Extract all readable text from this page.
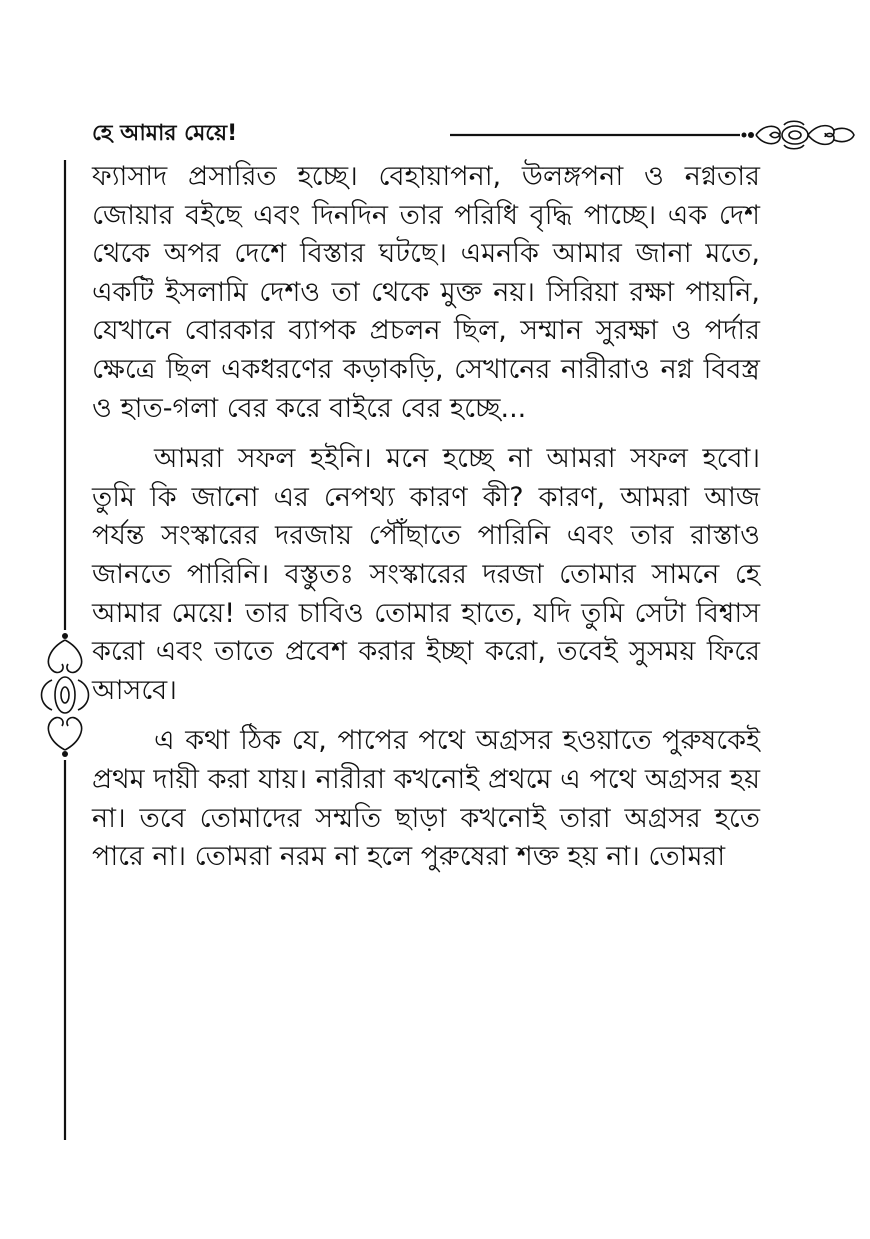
হে আমার মেয়ে!

ফ্যাসাদ প্রসারিত হচ্ছে। বেহায়াপনা, উলঙ্গপনা ও নগ্নতার জোয়ার বইছে এবং দিনদিন তার পরিধি বৃদ্ধি পাচ্ছে। এক দেশ থেকে অপর দেশে বিস্তার ঘটছে। এমনকি আমার জানা মতে, একটি ইসলামি দেশও তা থেকে মুক্ত নয়। সিরিয়া রক্ষা পায়নি, যেখানে বোরকার ব্যাপক প্রচলন ছিল, সম্মান সুরক্ষা ও পর্দার ক্ষেত্রে ছিল একধরণের কড়াকড়ি, সেখানের নারীরাও নগ্ন বিবস্ত্র ও হাত-গলা বের করে বাইরে বের হচ্ছে...

আমরা সফল হইনি। মনে হচ্ছে না আমরা সফল হবো। তুমি কি জানো এর নেপথ্য কারণ কী? কারণ, আমরা আজ পর্যন্ত সংস্কারের দরজায় পৌঁছাতে পারিনি এবং তার রাস্তাও জানতে পারিনি। বস্তুতঃ সংস্কারের দরজা তোমার সামনে হে আমার মেয়ে! তার চাবিও তোমার হাতে, যদি তুমি সেটা বিশ্বাস করো এবং তাতে প্রবেশ করার ইচ্ছা করো, তবেই সুসময় ফিরে আসবে।

এ কথা ঠিক যে, পাপের পথে অগ্রসর হওয়াতে পুরুষকেই প্রথম দায়ী করা যায়। নারীরা কখনোই প্রথমে এ পথে অগ্রসর হয় না। তবে তোমাদের সম্মতি ছাড়া কখনোই তারা অগ্রসর হতে পারে না। তোমরা নরম না হলে পুরুষেরা শক্ত হয় না। তোমরা
